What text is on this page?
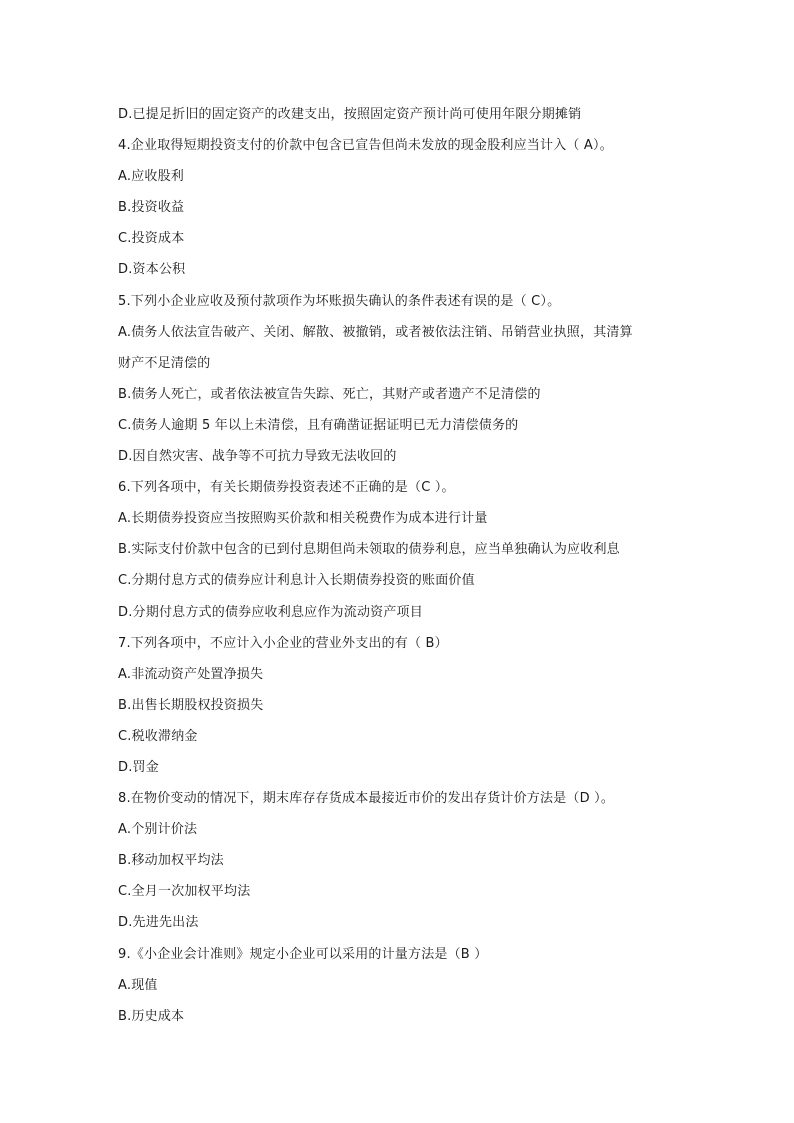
D.已提足折旧的固定资产的改建支出，按照固定资产预计尚可使用年限分期摊销
4.企业取得短期投资支付的价款中包含已宣告但尚未发放的现金股利应当计入（ A）。
A.应收股利
B.投资收益
C.投资成本
D.资本公积
5.下列小企业应收及预付款项作为坏账损失确认的条件表述有误的是（ C）。
A.债务人依法宣告破产、关闭、解散、被撤销，或者被依法注销、吊销营业执照，其清算
财产不足清偿的
B.债务人死亡，或者依法被宣告失踪、死亡，其财产或者遗产不足清偿的
C.债务人逾期 5 年以上未清偿，且有确凿证据证明已无力清偿债务的
D.因自然灾害、战争等不可抗力导致无法收回的
6.下列各项中，有关长期债券投资表述不正确的是（C ）。
A.长期债券投资应当按照购买价款和相关税费作为成本进行计量
B.实际支付价款中包含的已到付息期但尚未领取的债券利息，应当单独确认为应收利息
C.分期付息方式的债券应计利息计入长期债券投资的账面价值
D.分期付息方式的债券应收利息应作为流动资产项目
7.下列各项中，不应计入小企业的营业外支出的有（ B）
A.非流动资产处置净损失
B.出售长期股权投资损失
C.税收滞纳金
D.罚金
8.在物价变动的情况下，期末库存存货成本最接近市价的发出存货计价方法是（D ）。
A.个别计价法
B.移动加权平均法
C.全月一次加权平均法
D.先进先出法
9.《小企业会计准则》规定小企业可以采用的计量方法是（B ）
A.现值
B.历史成本
